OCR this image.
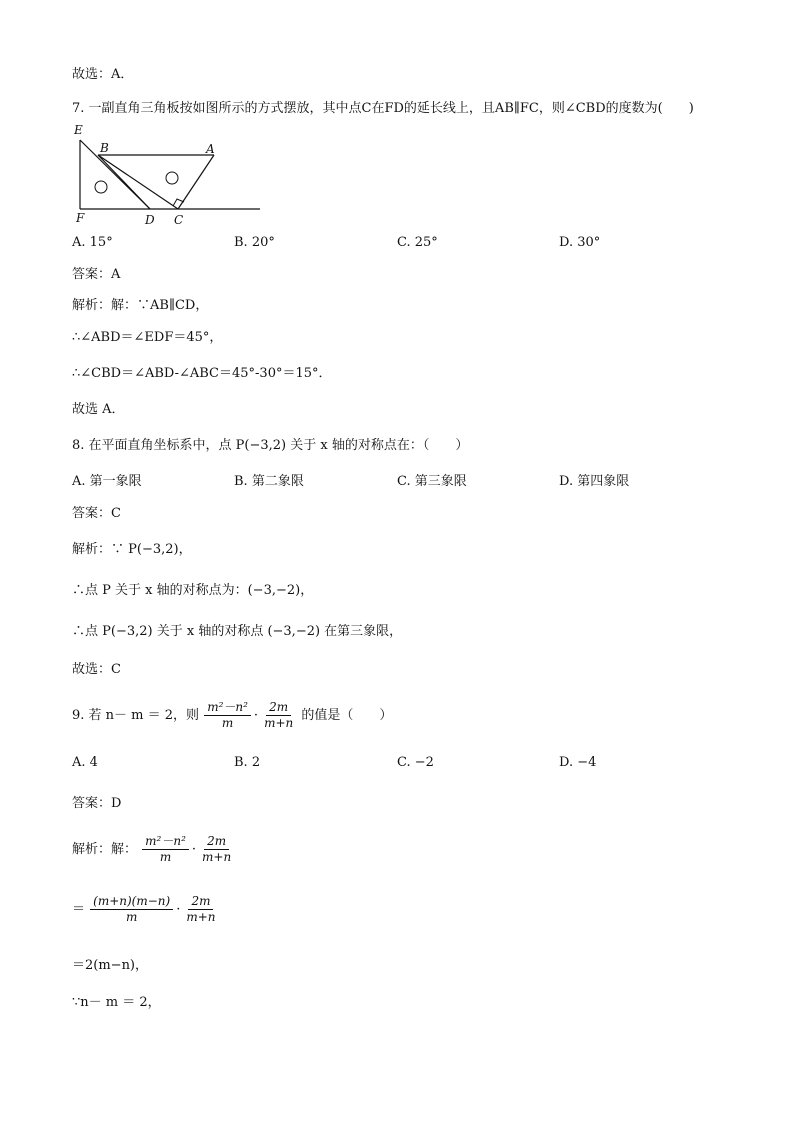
故选：A．
7. 一副直角三角板按如图所示的方式摆放，其中点C在FD的延长线上，且AB∥FC，则∠CBD的度数为(　　)
E
B	A
F	D C
A. 15°	B. 20°	C. 25°	D. 30°
答案：A
解析：解：∵AB∥CD，
∴∠ABD＝∠EDF＝45°，
∴∠CBD＝∠ABD-∠ABC＝45°-30°＝15°．
故选 A．
8. 在平面直角坐标系中，点 P(−3,2) 关于 x 轴的对称点在：（　　）
A. 第一象限	B. 第二象限	C. 第三象限	D. 第四象限
答案：C
解析：∵ P(−3,2)，
∴点 P 关于 x 轴的对称点为：(−3,−2)，
∴点 P(−3,2) 关于 x 轴的对称点 (−3,−2) 在第三象限，
故选：C
9. 若 n－ m ＝ 2，则 $\frac{\text{m²－n²}}{m} \cdot \frac{2m}{m+n}$ 的值是（　　）
A. 4	B. 2	C. −2	D. −4
答案：D
解析：解： $\frac{\text{m²－n²}}{m} \cdot \frac{2m}{m+n}$
＝ $\frac{(m+n)(m-n)}{m} \cdot \frac{2m}{m+n}$
＝2(m−n)，
∵n－ m ＝ 2，
